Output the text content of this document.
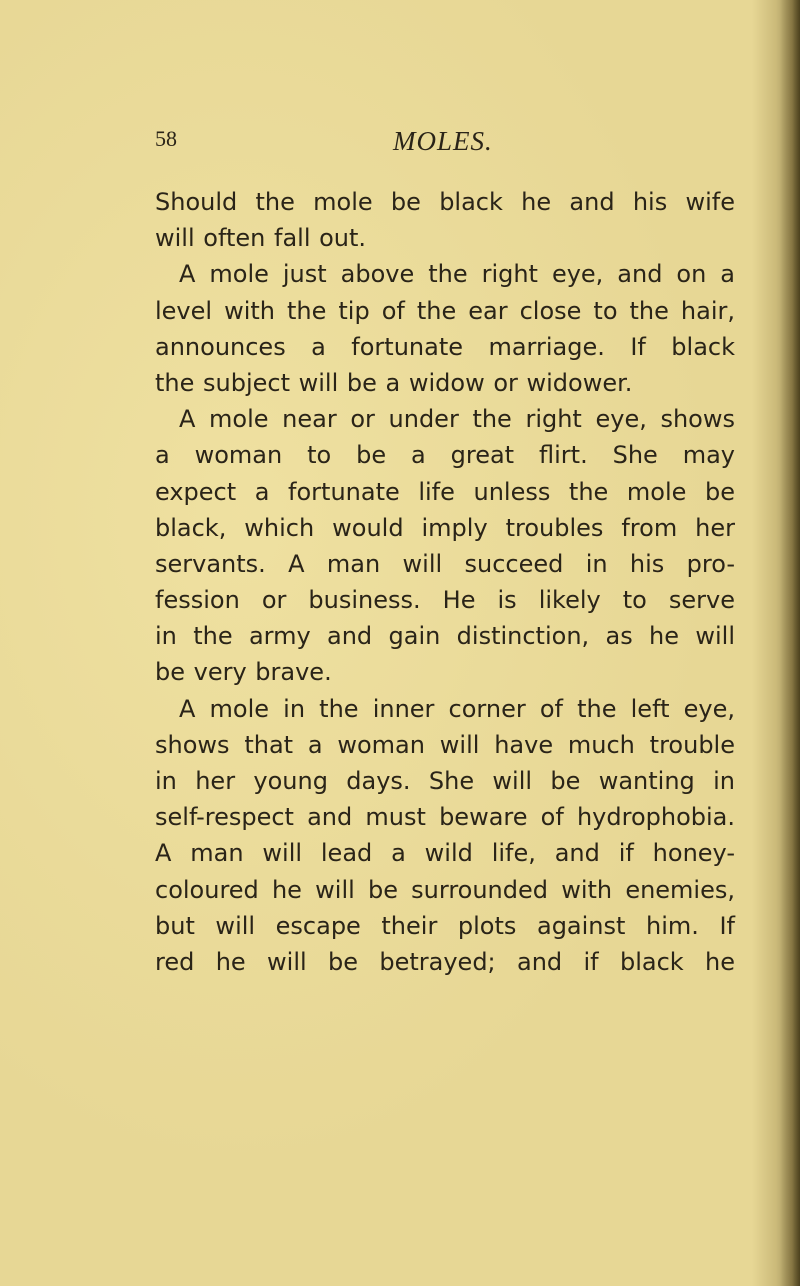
58	MOLES.
Should the mole be black he and his wife
will often fall out.
A mole just above the right eye, and on a
level with the tip of the ear close to the hair,
announces a fortunate marriage. If black
the subject will be a widow or widower.
A mole near or under the right eye, shows
a woman to be a great flirt. She may
expect a fortunate life unless the mole be
black, which would imply troubles from her
servants. A man will succeed in his pro-
fession or business. He is likely to serve
in the army and gain distinction, as he will
be very brave.
A mole in the inner corner of the left eye,
shows that a woman will have much trouble
in her young days. She will be wanting in
self-respect and must beware of hydrophobia.
A man will lead a wild life, and if honey-
coloured he will be surrounded with enemies,
but will escape their plots against him. If
red he will be betrayed; and if black he
